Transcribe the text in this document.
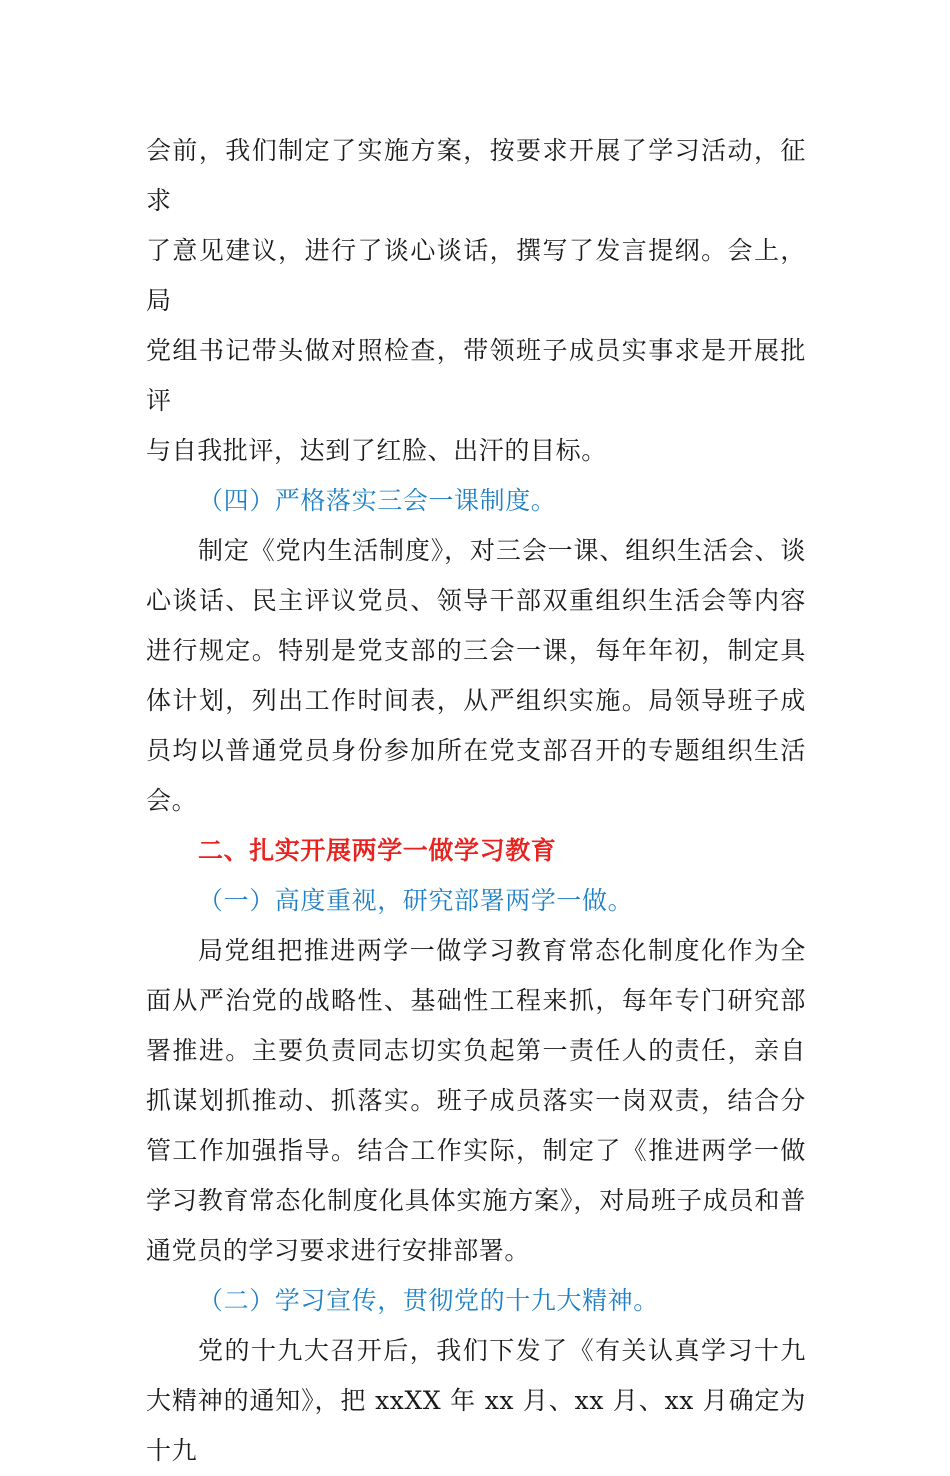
会前，我们制定了实施方案，按要求开展了学习活动，征求
了意见建议，进行了谈心谈话，撰写了发言提纲。会上，局
党组书记带头做对照检查，带领班子成员实事求是开展批评
与自我批评，达到了红脸、出汗的目标。

（四）严格落实三会一课制度。

制定《党内生活制度》，对三会一课、组织生活会、谈心谈话、民主评议党员、领导干部双重组织生活会等内容进行规定。特别是党支部的三会一课，每年年初，制定具体计划，列出工作时间表，从严组织实施。局领导班子成员均以普通党员身份参加所在党支部召开的专题组织生活会。

二、扎实开展两学一做学习教育

（一）高度重视，研究部署两学一做。

局党组把推进两学一做学习教育常态化制度化作为全面从严治党的战略性、基础性工程来抓，每年专门研究部署推进。主要负责同志切实负起第一责任人的责任，亲自抓谋划抓推动、抓落实。班子成员落实一岗双责，结合分管工作加强指导。结合工作实际，制定了《推进两学一做学习教育常态化制度化具体实施方案》，对局班子成员和普通党员的学习要求进行安排部署。

（二）学习宣传，贯彻党的十九大精神。

党的十九大召开后，我们下发了《有关认真学习十九大精神的通知》，把 xxXX 年 xx 月、xx 月、xx 月确定为十九
